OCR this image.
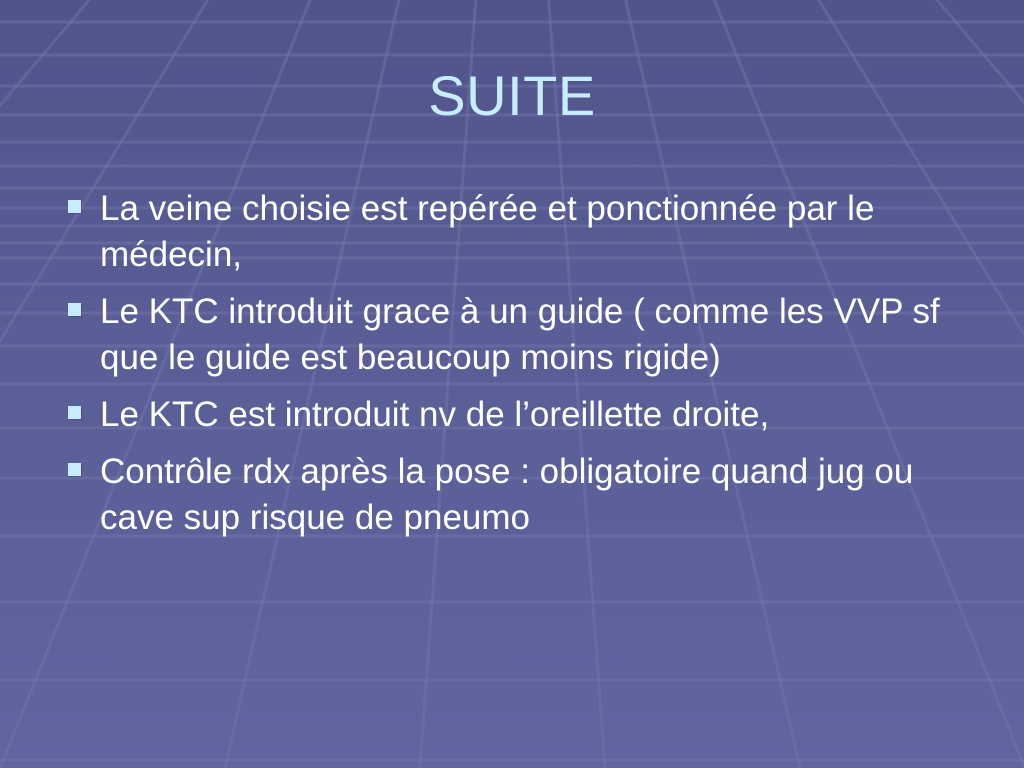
SUITE
La veine choisie est repérée et ponctionnée par le médecin,
Le KTC introduit grace à un guide ( comme les VVP sf que le guide est beaucoup moins rigide)
Le KTC est introduit nv de l’oreillette droite,
Contrôle rdx après la pose : obligatoire quand jug ou cave sup risque de pneumo
